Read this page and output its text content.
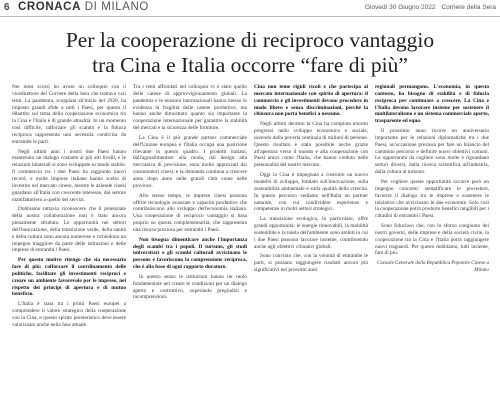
6 CRONACA DI MILANO	Giovedì 30 Giugno 2022 Corriere della Sera
Per la cooperazione di reciproco vantaggio
tra Cina e Italia occorre “fare di più”

Nei mesi scorsi ho avuto un colloquio con il vicedirettore del Corriere della Sera che trattava vari temi. La pandemia, scoppiata all'inizio del 2020, ha imposto grandi sfide a tutti i Paesi, per questo il dibattito sul tema della cooperazione economica tra la Cina e l'Italia è di grande attualità. In un momento così difficile, rafforzare gli scambi e la fiducia reciproca rappresenta una necessità condivisa da entrambe le parti.

Negli ultimi anni i nostri due Paesi hanno mantenuto un dialogo costante ai più alti livelli, e le relazioni bilaterali si sono sviluppate in modo stabile. Il commercio tra i due Paesi ha raggiunto nuovi record, e molte imprese italiane hanno scelto di investire nel mercato cinese, mentre le aziende cinesi guardano all'Italia con crescente interesse, dal settore manifatturiero a quello dei servizi.

Dobbiamo tuttavia riconoscere che il potenziale della nostra collaborazione non è stato ancora pienamente sfruttato. Le opportunità nei settori dell'innovazione, della transizione verde, della sanità e della cultura sono ancora numerose e richiedono un impegno maggiore da parte delle istituzioni e delle imprese di entrambi i Paesi.

Per questo motivo ritengo che sia necessario fare di più: rafforzare il coordinamento delle politiche, facilitare gli investimenti reciproci e creare un ambiente favorevole per le imprese, nel rispetto dei principi di apertura e di mutuo beneficio.

L'Italia è stata tra i primi Paesi europei a comprendere il valore strategico della cooperazione con la Cina, e questo spirito pionieristico deve essere valorizzato anche nella fase attuale.

Tra i temi affrontati nel colloquio vi è stato quello delle catene di approvvigionamento globali. La pandemia e le tensioni internazionali hanno messo in evidenza la fragilità delle catene produttive, ma hanno anche dimostrato quanto sia importante la cooperazione internazionale per garantire la stabilità dei mercati e la sicurezza delle forniture.

La Cina è il più grande partner commerciale dell'Unione europea e l'Italia occupa una posizione rilevante in questo quadro. I prodotti italiani, dall'agroalimentare alla moda, dal design alla meccanica di precisione, sono molto apprezzati dai consumatori cinesi, e la domanda continua a crescere anno dopo anno nelle grandi città come nelle province.

Allo stesso tempo, le imprese cinesi possono offrire tecnologie avanzate e capacità produttive che contribuiscono allo sviluppo dell'economia italiana. Una cooperazione di reciproco vantaggio si basa proprio su questa complementarità, che rappresenta una risorsa preziosa per entrambi i Paesi.

Non bisogna dimenticare anche l'importanza degli scambi tra i popoli. Il turismo, gli studi universitari e gli scambi culturali avvicinano le persone e favoriscono la comprensione reciproca, che è alla base di ogni rapporto duraturo.

In questo senso le istituzioni hanno un ruolo fondamentale nel creare le condizioni per un dialogo aperto e costruttivo, superando pregiudizi e incomprensioni.

Cina non teme rigidi vicoli e che partecipa al mercato internazionale con spirito di apertura: il commercio e gli investimenti devono procedere in modo libero e senza discriminazioni, perché la chiusura non porta benefici a nessuno.

Negli ultimi decenni la Cina ha compiuto enormi progressi nello sviluppo economico e sociale, uscendo dalla povertà centinaia di milioni di persone. Questo risultato è stato possibile anche grazie all'apertura verso il mondo e alla cooperazione con Paesi amici come l'Italia, che hanno creduto nelle potenzialità del nostro mercato.

Oggi la Cina è impegnata a costruire un nuovo modello di sviluppo, fondato sull'innovazione, sulla sostenibilità ambientale e sulla qualità della crescita. In questo percorso vediamo nell'Italia un partner naturale, con cui condividere esperienze e competenze in molti settori strategici.

La transizione ecologica, in particolare, offre grandi opportunità: le energie rinnovabili, la mobilità sostenibile e la tutela dell'ambiente sono ambiti in cui i due Paesi possono lavorare insieme, contribuendo anche agli obiettivi climatici globali.

Sono convinto che, con la volontà di entrambe le parti, si possano raggiungere risultati ancora più significativi nei prossimi anni.

regionali permangono. L'economia, in questo contesto, ha bisogno di stabilità e di fiducia reciproca per continuare a crescere. La Cina e l'Italia devono lavorare insieme per sostenere il multilateralismo e un sistema commerciale aperto, trasparente ed equo.

Il prossimo anno ricorre un anniversario importante per le relazioni diplomatiche tra i due Paesi, un'occasione preziosa per fare un bilancio del cammino percorso e definire nuovi obiettivi comuni. Le opportunità da cogliere sono molte e riguardano settori diversi, dalla ricerca scientifica all'industria, dalla cultura al turismo.

Per cogliere queste opportunità occorre però un impegno concreto: semplificare le procedure, favorire il dialogo tra le imprese e sostenere le iniziative che avvicinano le due economie. Solo così la cooperazione potrà produrre benefici tangibili per i cittadini di entrambi i Paesi.

Sono fiducioso che, con lo sforzo congiunto dei nostri governi, delle imprese e della società civile, la cooperazione tra la Cina e l'Italia potrà raggiungere nuovi traguardi. Per questo dobbiamo, tutti insieme, fare di più.

Console Generale della Repubblica Popolare Cinese a Milano
